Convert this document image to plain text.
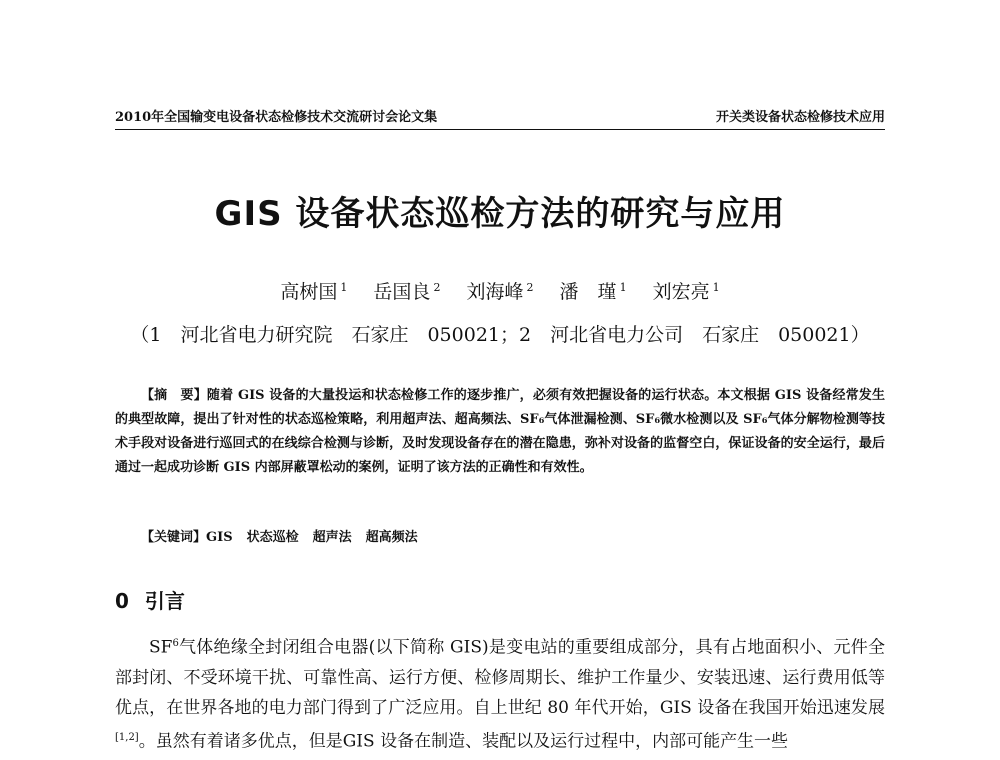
2010年全国输变电设备状态检修技术交流研讨会论文集	开关类设备状态检修技术应用
GIS 设备状态巡检方法的研究与应用
高树国 $^1$ 岳国良 $^2$ 刘海峰 $^2$ 潘　瑾 $^1$ 刘宏亮 $^1$
（1　河北省电力研究院　石家庄　050021；2　河北省电力公司　石家庄　050021）
【摘　要】随着 GIS 设备的大量投运和状态检修工作的逐步推广，必须有效把握设备的运行状态。本文根据 GIS 设备经常发生的典型故障，提出了针对性的状态巡检策略，利用超声法、超高频法、SF₆气体泄漏检测、SF₆微水检测以及 SF₆气体分解物检测等技术手段对设备进行巡回式的在线综合检测与诊断，及时发现设备存在的潜在隐患，弥补对设备的监督空白，保证设备的安全运行，最后通过一起成功诊断 GIS 内部屏蔽罩松动的案例，证明了该方法的正确性和有效性。
【关键词】GIS 状态巡检 超声法 超高频法
0 引言
$SF^6$气体绝缘全封闭组合电器(以下简称 GIS)是变电站的重要组成部分，具有占地面积小、元件全部封闭、不受环境干扰、可靠性高、运行方便、检修周期长、维护工作量少、安装迅速、运行费用低等优点，在世界各地的电力部门得到了广泛应用。自上世纪 80 年代开始，GIS 设备在我国开始迅速发展[1,2]。虽然有着诸多优点，但是GIS 设备在制造、装配以及运行过程中，内部可能产生一些
